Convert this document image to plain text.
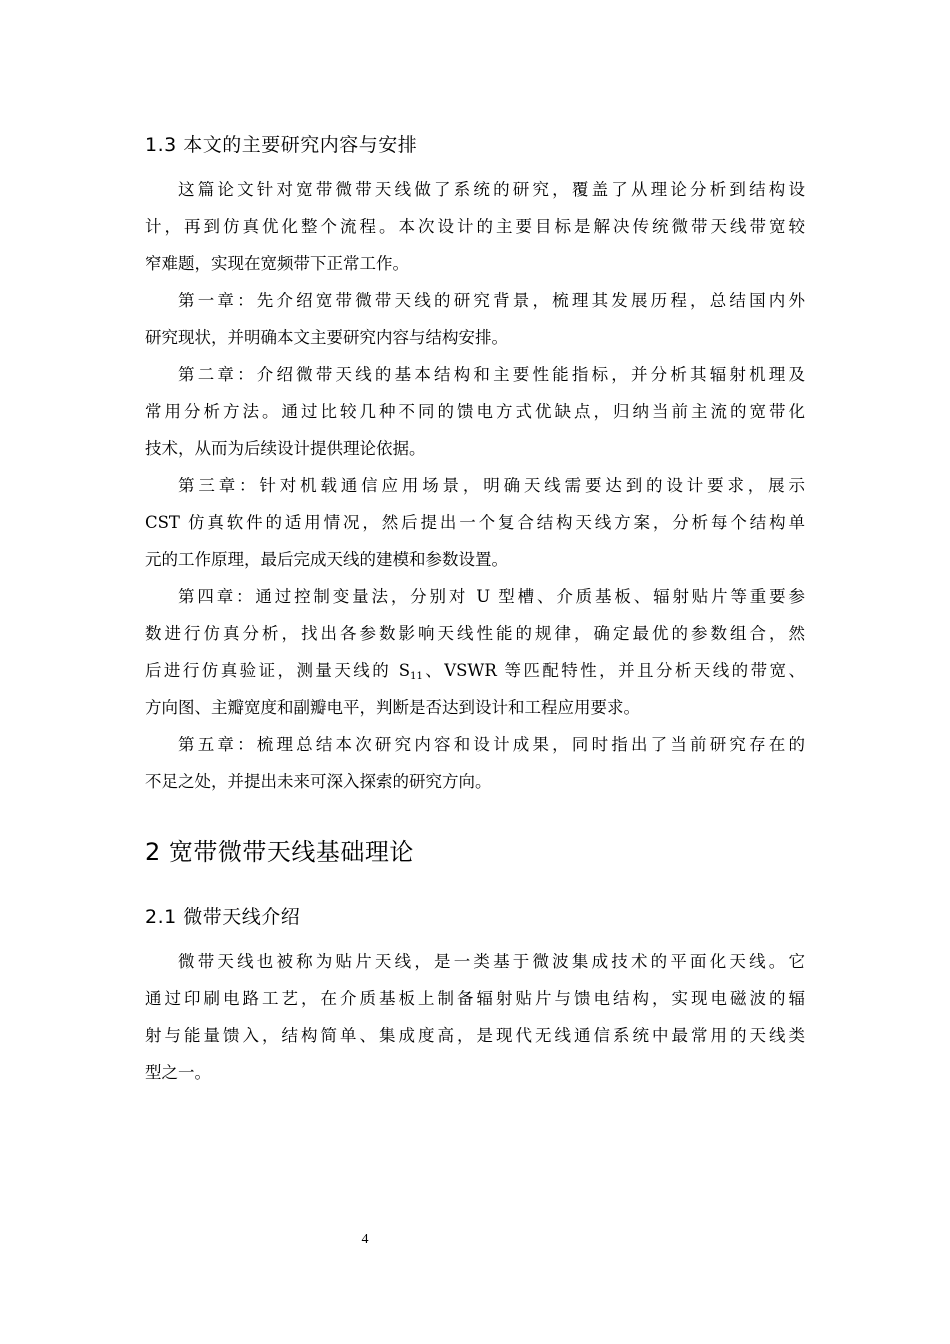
1.3 本文的主要研究内容与安排
这篇论文针对宽带微带天线做了系统的研究，覆盖了从理论分析到结构设
计，再到仿真优化整个流程。本次设计的主要目标是解决传统微带天线带宽较
窄难题，实现在宽频带下正常工作。
第一章：先介绍宽带微带天线的研究背景，梳理其发展历程，总结国内外
研究现状，并明确本文主要研究内容与结构安排。
第二章：介绍微带天线的基本结构和主要性能指标，并分析其辐射机理及
常用分析方法。通过比较几种不同的馈电方式优缺点，归纳当前主流的宽带化
技术，从而为后续设计提供理论依据。
第三章：针对机载通信应用场景，明确天线需要达到的设计要求，展示
CST 仿真软件的适用情况，然后提出一个复合结构天线方案，分析每个结构单
元的工作原理，最后完成天线的建模和参数设置。
第四章：通过控制变量法，分别对 U 型槽、介质基板、辐射贴片等重要参
数进行仿真分析，找出各参数影响天线性能的规律，确定最优的参数组合，然
后进行仿真验证，测量天线的 $S_{11}$、VSWR 等匹配特性，并且分析天线的带宽、
方向图、主瓣宽度和副瓣电平，判断是否达到设计和工程应用要求。
第五章：梳理总结本次研究内容和设计成果，同时指出了当前研究存在的
不足之处，并提出未来可深入探索的研究方向。
2 宽带微带天线基础理论
2.1 微带天线介绍
微带天线也被称为贴片天线，是一类基于微波集成技术的平面化天线。它
通过印刷电路工艺，在介质基板上制备辐射贴片与馈电结构，实现电磁波的辐
射与能量馈入，结构简单、集成度高，是现代无线通信系统中最常用的天线类
型之一。
4
